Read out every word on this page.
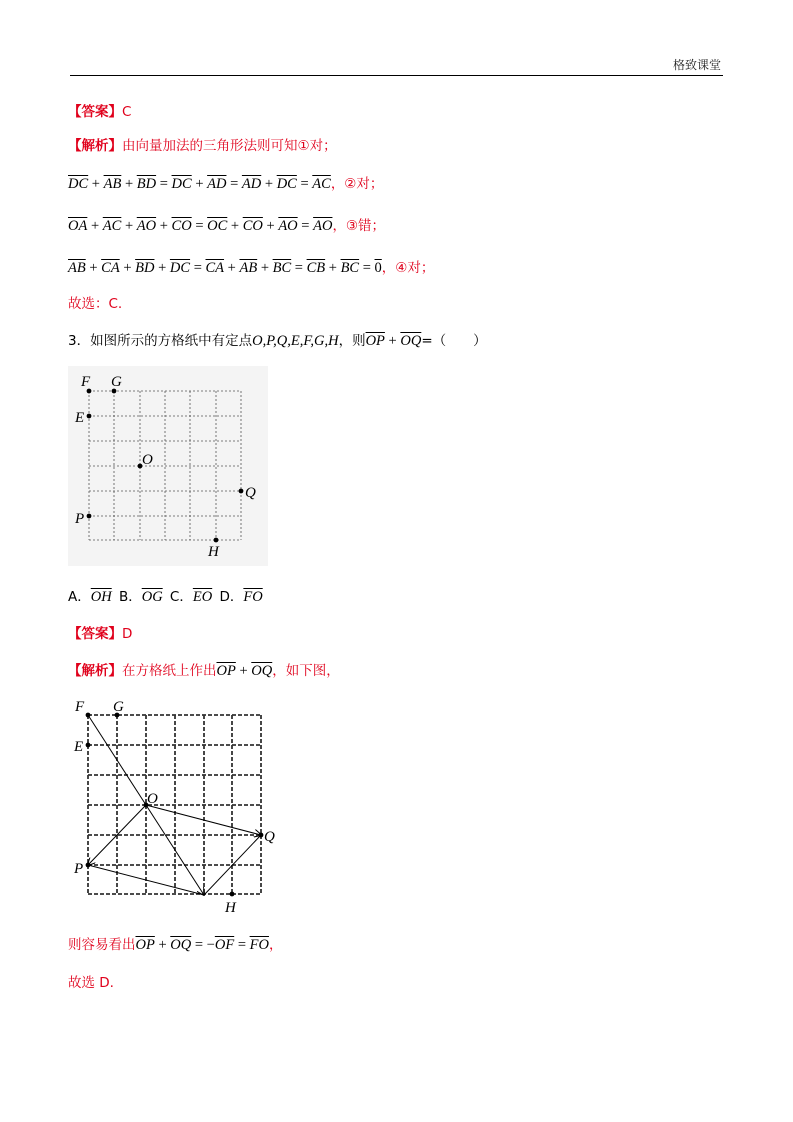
格致课堂
【答案】C
【解析】由向量加法的三角形法则可知①对；
$\overline{DC} + \overline{AB} + \overline{BD} = \overline{DC} + \overline{AD} = \overline{AD} + \overline{DC} = \overline{AC}$，②对；
$\overline{OA} + \overline{AC} + \overline{AO} + \overline{CO} = \overline{OC} + \overline{CO} + \overline{AO} = \overline{AO}$，③错；
$\overline{AB} + \overline{CA} + \overline{BD} + \overline{DC} = \overline{CA} + \overline{AB} + \overline{BC} = \overline{CB} + \overline{BC} = 0$，④对；
故选：C.
3．如图所示的方格纸中有定点O,P,Q,E,F,G,H，则$\overline{OP} + \overline{OQ}=$（　　）
F G
E
O
Q
P
H
A．$\overline{OH}$ B．$\overline{OG}$ C．$\overline{EO}$ D．$\overline{FO}$
【答案】D
【解析】在方格纸上作出$\overline{OP} + \overline{OQ}$，如下图，
F G
E
O
Q
P
H
则容易看出$\overline{OP} + \overline{OQ} = -\overline{OF} = \overline{FO}$，
故选 D.
